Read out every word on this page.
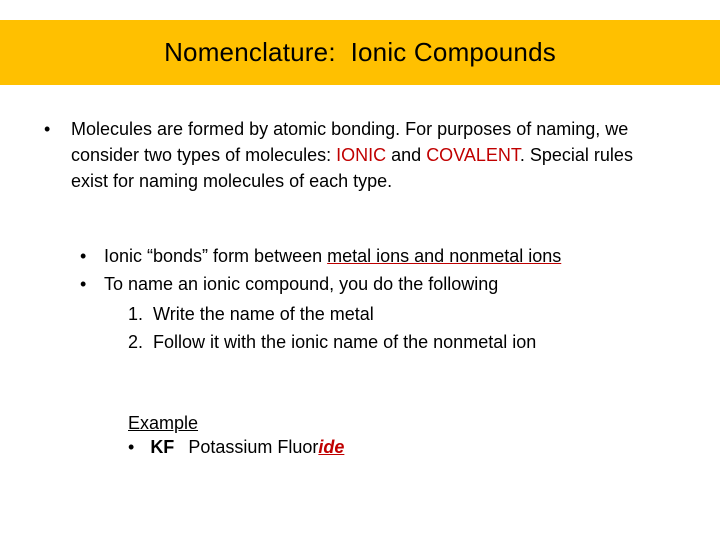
Nomenclature:  Ionic Compounds
• Molecules are formed by atomic bonding. For purposes of naming, we consider two types of molecules: IONIC and COVALENT. Special rules exist for naming molecules of each type.
• Ionic “bonds” form between metal ions and nonmetal ions
• To name an ionic compound, you do the following
1. Write the name of the metal
2. Follow it with the ionic name of the nonmetal ion
Example
• KF Potassium Fluoride
